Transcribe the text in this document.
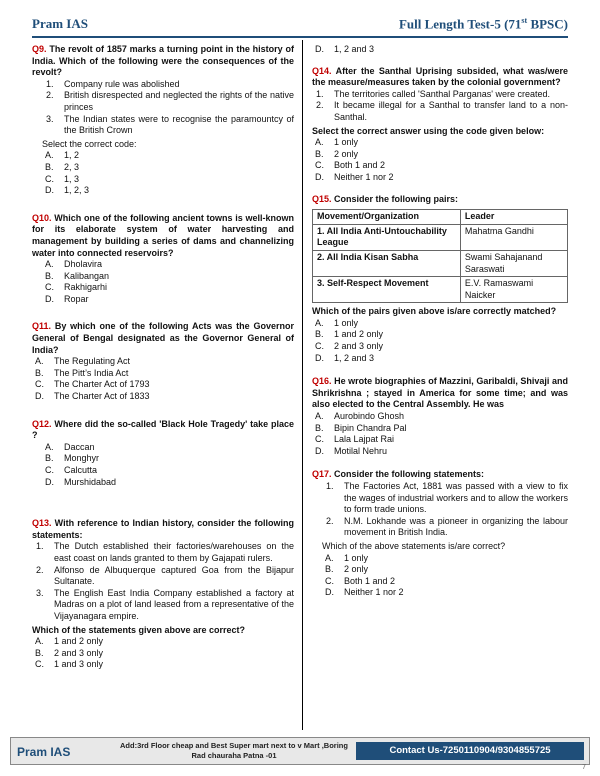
Pram IAS	Full Length Test-5 (71st BPSC)
Q9. The revolt of 1857 marks a turning point in the history of India. Which of the following were the consequences of the revolt?
1.	Company rule was abolished
2.	British disrespected and neglected the rights of the native princes
3.	The Indian states were to recognise the paramountcy of the British Crown
Select the correct code:
A.	1, 2
B.	2, 3
C.	1, 3
D.	1, 2, 3
Q10. Which one of the following ancient towns is well-known for its elaborate system of water harvesting and management by building a series of dams and channelizing water into connected reservoirs?
A.	Dholavira
B.	Kalibangan
C.	Rakhigarhi
D.	Ropar
Q11. By which one of the following Acts was the Governor General of Bengal designated as the Governor General of India?
A.	The Regulating Act
B.	The Pitt’s India Act
C.	The Charter Act of 1793
D.	The Charter Act of 1833
Q12. Where did the so-called 'Black Hole Tragedy' take place ?
A.	Daccan
B.	Monghyr
C.	Calcutta
D.	Murshidabad
Q13. With reference to Indian history, consider the following statements:
1.	The Dutch established their factories/warehouses on the east coast on lands granted to them by Gajapati rulers.
2.	Alfonso de Albuquerque captured Goa from the Bijapur Sultanate.
3.	The English East India Company established a factory at Madras on a plot of land leased from a representative of the Vijayanagara empire.
Which of the statements given above are correct?
A.	1 and 2 only
B.	2 and 3 only
C.	1 and 3 only
D.	1, 2 and 3
Q14. After the Santhal Uprising subsided, what was/were the measure/measures taken by the colonial government?
1.	The territories called 'Santhal Parganas' were created.
2.	It became illegal for a Santhal to transfer land to a non-Santhal.
Select the correct answer using the code given below:
A.	1 only
B.	2 only
C.	Both 1 and 2
D.	Neither 1 nor 2
Q15. Consider the following pairs:
Movement/Organization	Leader
1. All India Anti-Untouchability League	Mahatma Gandhi
2. All India Kisan Sabha	Swami Sahajanand Saraswati
3. Self-Respect Movement	E.V. Ramaswami Naicker
Which of the pairs given above is/are correctly matched?
A.	1 only
B.	1 and 2 only
C.	2 and 3 only
D.	1, 2 and 3
Q16. He wrote biographies of Mazzini, Garibaldi, Shivaji and Shrikrishna ; stayed in America for some time; and was also elected to the Central Assembly. He was
A.	Aurobindo Ghosh
B.	Bipin Chandra Pal
C.	Lala Lajpat Rai
D.	Motilal Nehru
Q17. Consider the following statements:
1.	The Factories Act, 1881 was passed with a view to fix the wages of industrial workers and to allow the workers to form trade unions.
2.	N.M. Lokhande was a pioneer in organizing the labour movement in British India.
Which of the above statements is/are correct?
A.	1 only
B.	2 only
C.	Both 1 and 2
D.	Neither 1 nor 2
Pram IAS	Add:3rd Floor cheap and Best Super mart next to v Mart ,Boring Rad chauraha Patna -01	Contact Us-7250110904/9304855725
7
